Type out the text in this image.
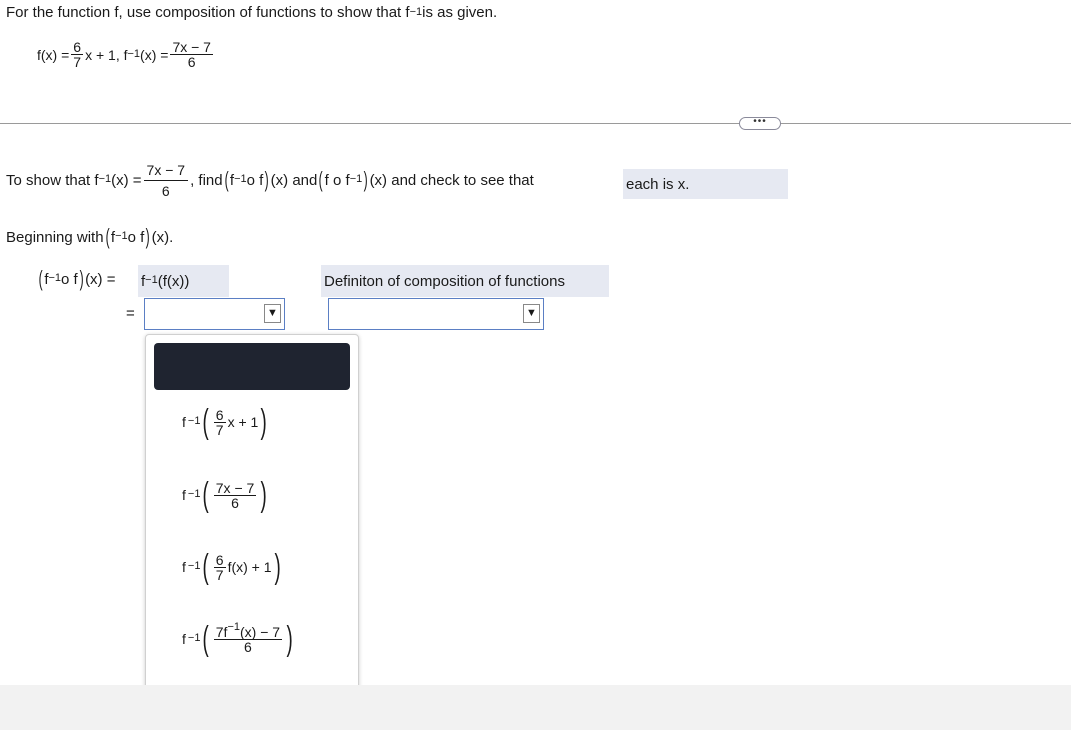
For the function f, use composition of functions to show that $f^{-1}$ is as given.
$f(x) = \frac{6}{7}$ x + 1, $f^{-1}$ $(x) = \frac{7x - 7}{6}$
•••
To show that $f^{-1}$ $(x) = \frac{7x - 7}{6}$ , find ( $f^{-1}$ o f ) (x) and ( f o $f^{-1}$ ) (x) and check to see that	each is x.
Beginning with ( $f^{-1}$ o f ) (x).
( $f^{-1}$ o f ) $(x) = f^{-1}$ (f(x))	Definiton of composition of functions
=	▼	▼
$f^{-1}$ ( $\frac{6}{7}$ x + 1 )
$f^{-1}$ ( $\frac{7x - 7}{6}$ )
$f^{-1}$ ( $\frac{6}{7} f(x) + 1$ )
$f^{-1}$ ( $\frac{7f^{-1}(x) - 7}{6}$ )
